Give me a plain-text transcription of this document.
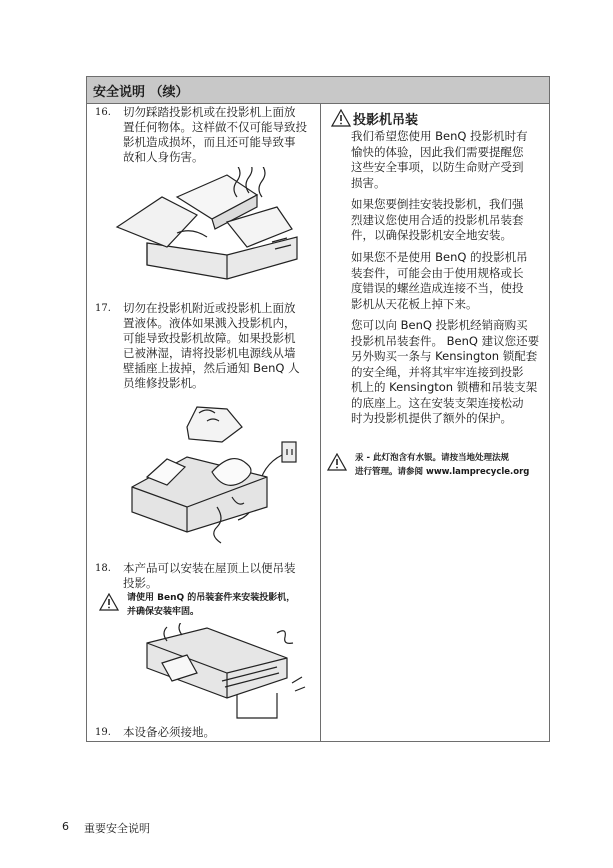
安全说明 （续）
16. 切勿踩踏投影机或在投影机上面放
置任何物体。这样做不仅可能导致投
影机造成损坏，而且还可能导致事
故和人身伤害。
17. 切勿在投影机附近或投影机上面放
置液体。液体如果溅入投影机内，
可能导致投影机故障。如果投影机
已被淋湿，请将投影机电源线从墙
壁插座上拔掉，然后通知 BenQ 人
员维修投影机。
18. 本产品可以安装在屋顶上以便吊装
投影。
请使用 BenQ 的吊装套件来安装投影机，
并确保安装牢固。
19. 本设备必须接地。
投影机吊装
我们希望您使用 BenQ 投影机时有
愉快的体验，因此我们需要提醒您
这些安全事项，以防生命财产受到
损害。
如果您要倒挂安装投影机，我们强
烈建议您使用合适的投影机吊装套
件，以确保投影机安全地安装。
如果您不是使用 BenQ 的投影机吊
装套件，可能会由于使用规格或长
度错误的螺丝造成连接不当，使投
影机从天花板上掉下来。
您可以向 BenQ 投影机经销商购买
投影机吊装套件。 BenQ 建议您还要
另外购买一条与 Kensington 锁配套
的安全绳，并将其牢牢连接到投影
机上的 Kensington 锁槽和吊装支架
的底座上。这在安装支架连接松动
时为投影机提供了额外的保护。
汞 - 此灯泡含有水银。请按当地处理法规
进行管理。请参阅 www.lamprecycle.org
6 重要安全说明
